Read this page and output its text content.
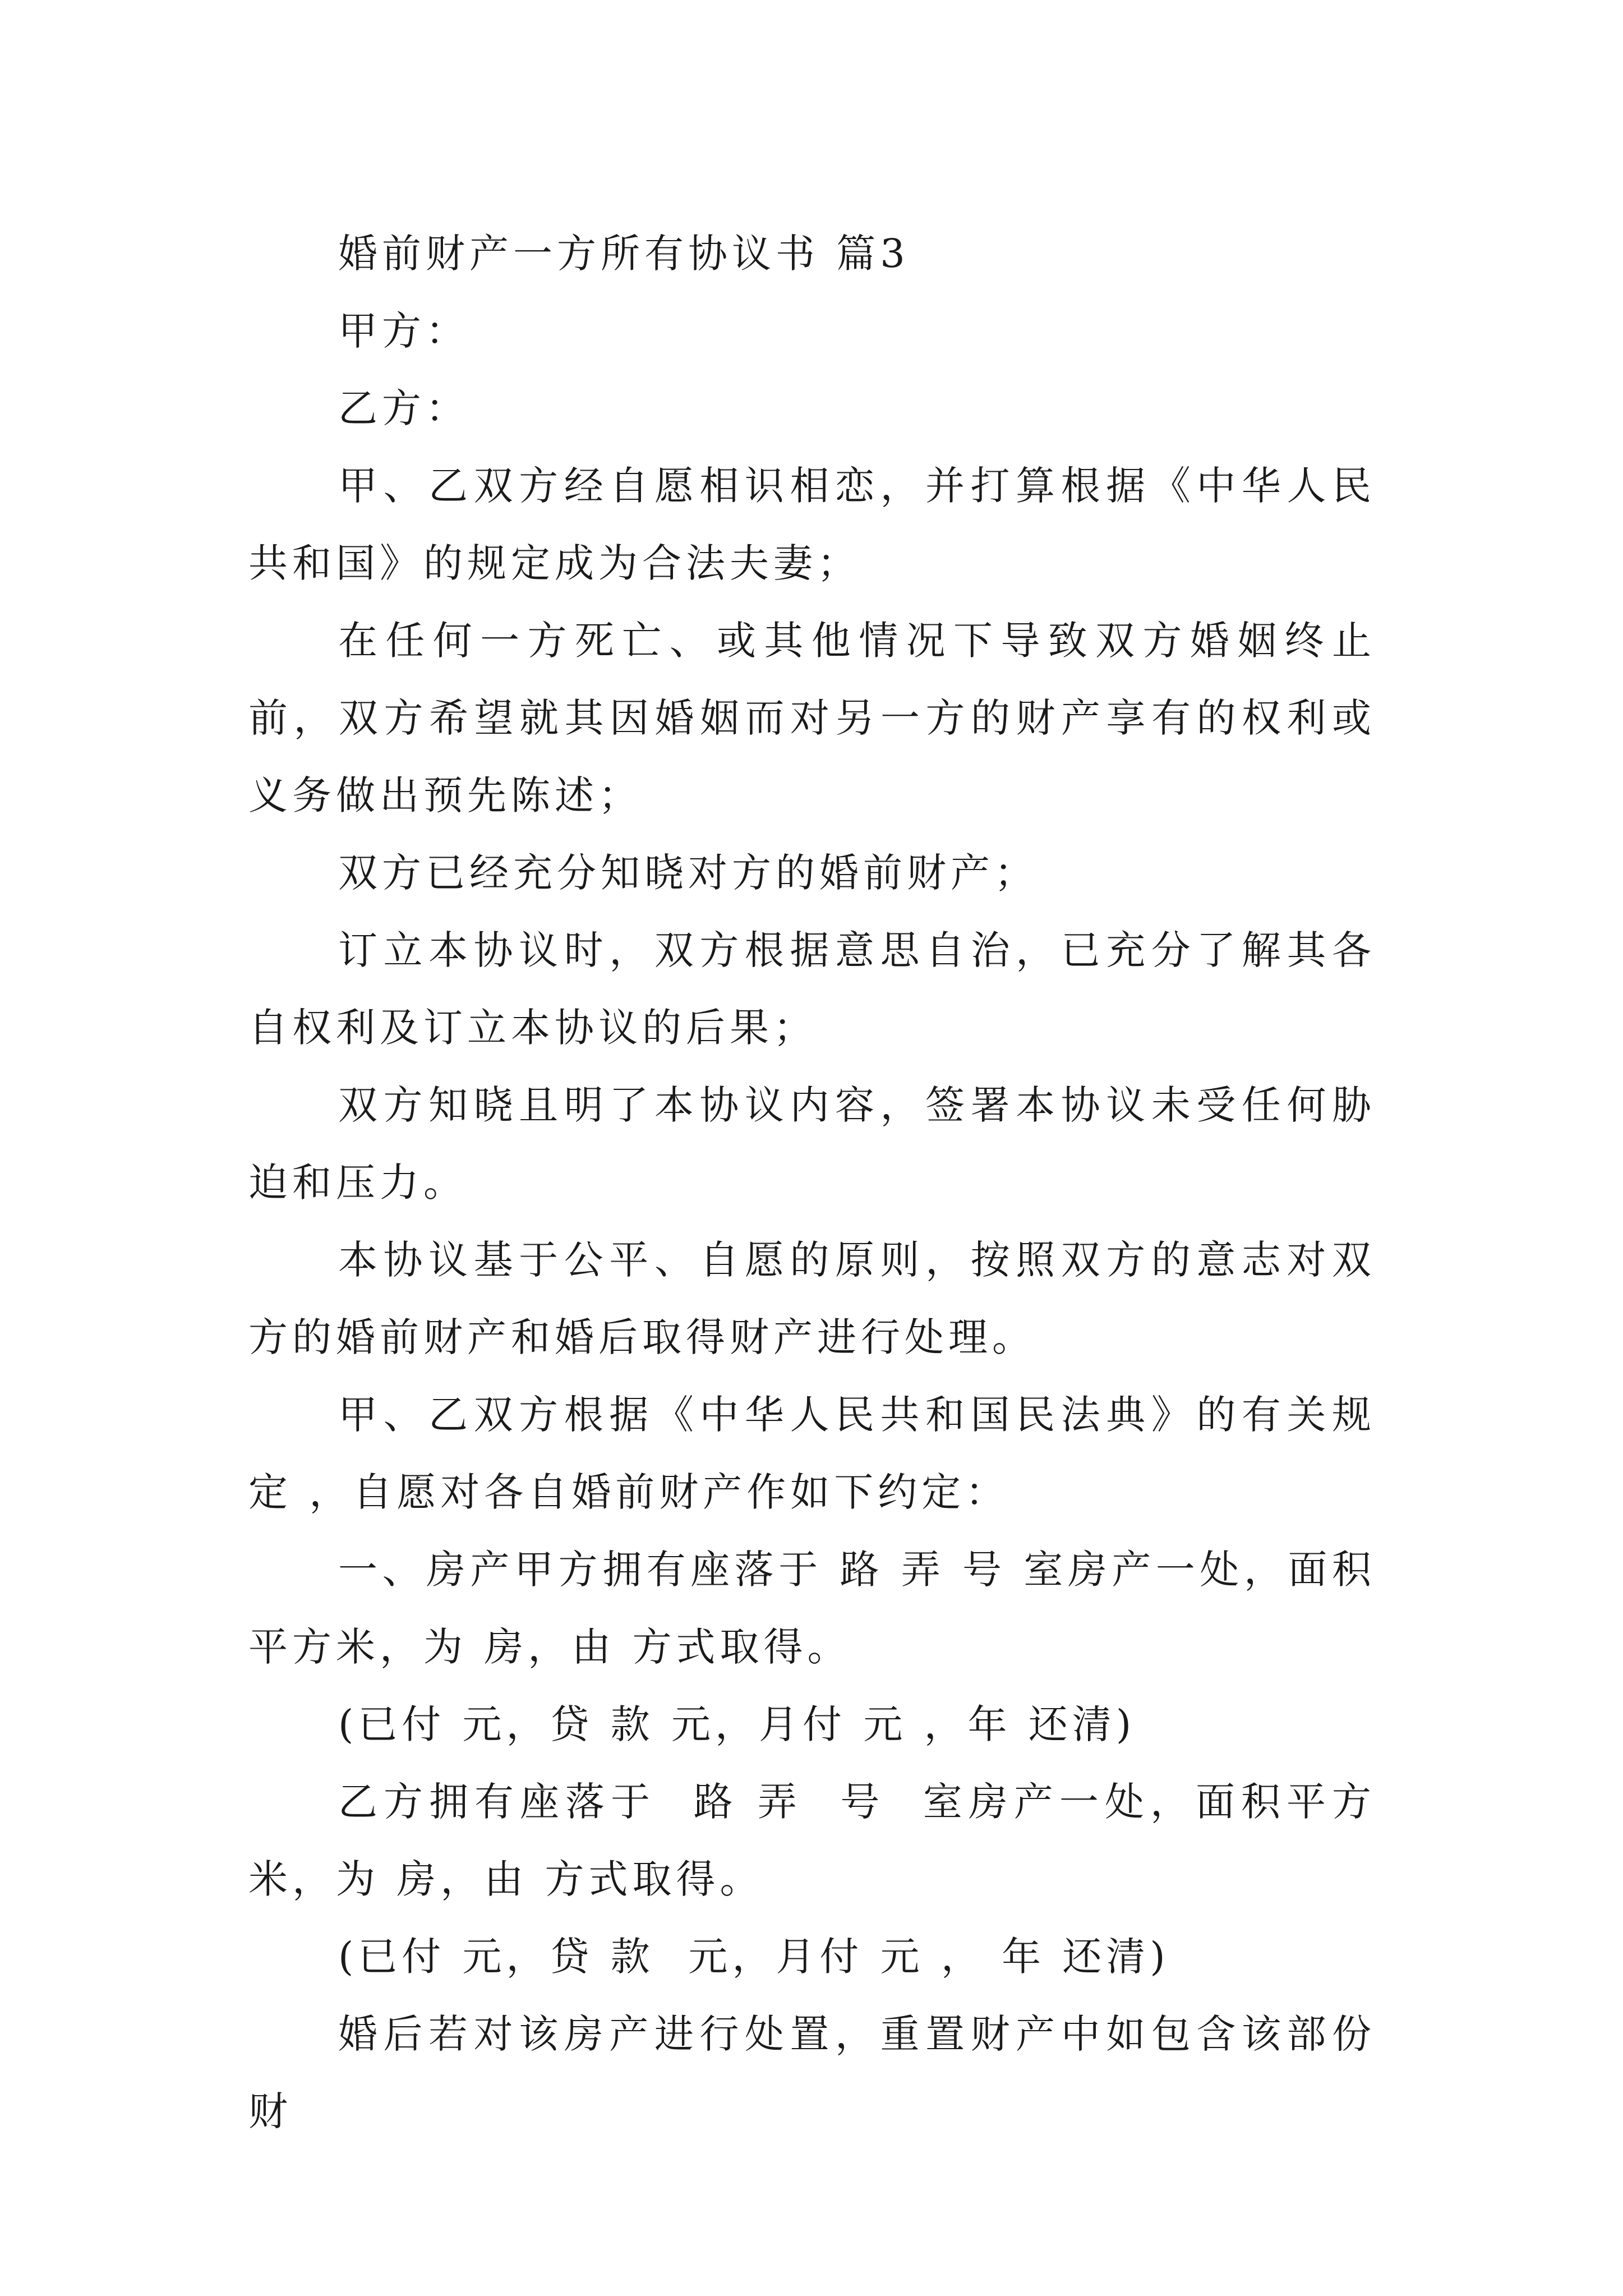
婚前财产一方所有协议书 篇3

甲方：

乙方：

甲、乙双方经自愿相识相恋，并打算根据《中华人民共和国》的规定成为合法夫妻；

在任何一方死亡、或其他情况下导致双方婚姻终止前，双方希望就其因婚姻而对另一方的财产享有的权利或义务做出预先陈述；

双方已经充分知晓对方的婚前财产；

订立本协议时，双方根据意思自治，已充分了解其各自权利及订立本协议的后果；

双方知晓且明了本协议内容，签署本协议未受任何胁迫和压力。

本协议基于公平、自愿的原则，按照双方的意志对双方的婚前财产和婚后取得财产进行处理。

甲、乙双方根据《中华人民共和国民法典》的有关规定 ，自愿对各自婚前财产作如下约定：

一、房产甲方拥有座落于 路 弄 号 室房产一处，面积平方米，为 房，由 方式取得。

(已付 元，贷 款 元，月付 元 ，年 还清)

乙方拥有座落于  路 弄  号  室房产一处，面积平方米，为 房，由 方式取得。

(已付 元，贷 款  元，月付 元 ， 年 还清)

婚后若对该房产进行处置，重置财产中如包含该部份财
